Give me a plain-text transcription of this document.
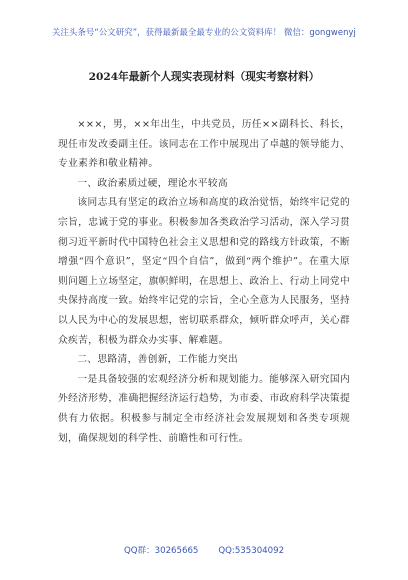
关注头条号“公文研究”，获得最新最全最专业的公文资料库！ 微信：gongwenyj
2024年最新个人现实表现材料（现实考察材料）

×××，男，××年出生，中共党员，历任××副科长、科长，现任市发改委副主任。该同志在工作中展现出了卓越的领导能力、专业素养和敬业精神。

一、政治素质过硬，理论水平较高

该同志具有坚定的政治立场和高度的政治觉悟，始终牢记党的宗旨，忠诚于党的事业。积极参加各类政治学习活动，深入学习贯彻习近平新时代中国特色社会主义思想和党的路线方针政策，不断增强“四个意识”，坚定“四个自信”，做到“两个维护”。在重大原则问题上立场坚定，旗帜鲜明，在思想上、政治上、行动上同党中央保持高度一致。始终牢记党的宗旨，全心全意为人民服务，坚持以人民为中心的发展思想，密切联系群众，倾听群众呼声，关心群众疾苦，积极为群众办实事、解难题。

二、思路清，善创新，工作能力突出

一是具备较强的宏观经济分析和规划能力。能够深入研究国内外经济形势，准确把握经济运行趋势，为市委、市政府科学决策提供有力依据。积极参与制定全市经济社会发展规划和各类专项规划，确保规划的科学性、前瞻性和可行性。

QQ群：30265665 QQ:535304092
